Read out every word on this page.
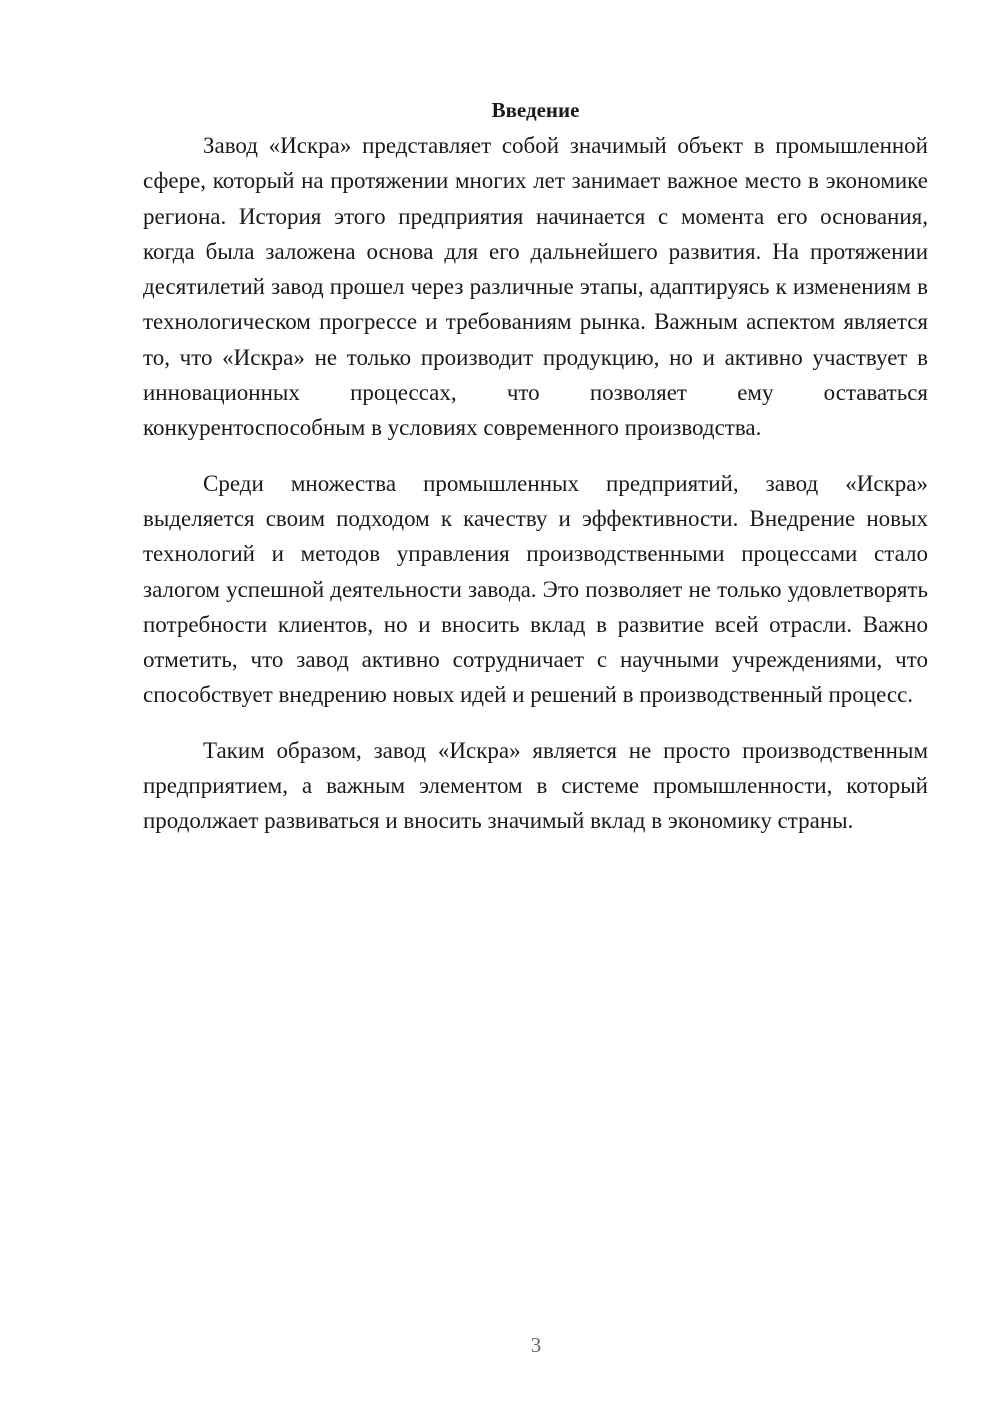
Введение

Завод «Искра» представляет собой значимый объект в промышленной сфере, который на протяжении многих лет занимает важное место в экономике региона. История этого предприятия начинается с момента его основания, когда была заложена основа для его дальнейшего развития. На протяжении десятилетий завод прошел через различные этапы, адаптируясь к изменениям в технологическом прогрессе и требованиям рынка. Важным аспектом является то, что «Искра» не только производит продукцию, но и активно участвует в инновационных процессах, что позволяет ему оставаться конкурентоспособным в условиях современного производства.

Среди множества промышленных предприятий, завод «Искра» выделяется своим подходом к качеству и эффективности. Внедрение новых технологий и методов управления производственными процессами стало залогом успешной деятельности завода. Это позволяет не только удовлетворять потребности клиентов, но и вносить вклад в развитие всей отрасли. Важно отметить, что завод активно сотрудничает с научными учреждениями, что способствует внедрению новых идей и решений в производственный процесс.

Таким образом, завод «Искра» является не просто производственным предприятием, а важным элементом в системе промышленности, который продолжает развиваться и вносить значимый вклад в экономику страны.

3
